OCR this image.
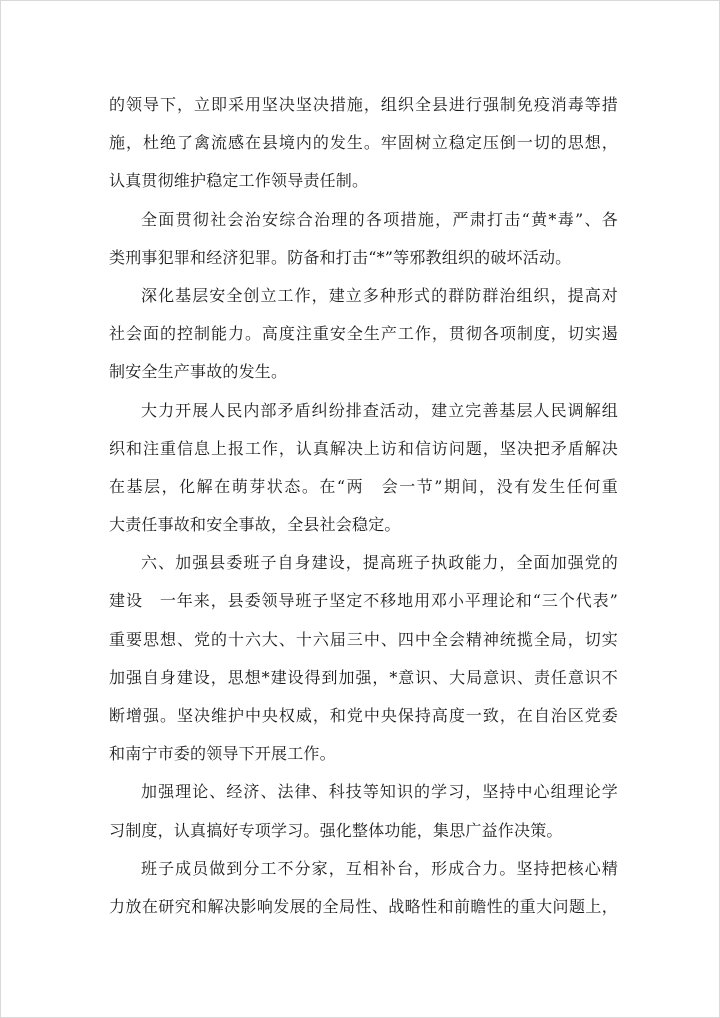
的领导下，立即采用坚决坚决措施，组织全县进行强制免疫消毒等措
施，杜绝了禽流感在县境内的发生。牢固树立稳定压倒一切的思想，
认真贯彻维护稳定工作领导责任制。
全面贯彻社会治安综合治理的各项措施，严肃打击“黄*毒”、各
类刑事犯罪和经济犯罪。防备和打击“*”等邪教组织的破坏活动。
深化基层安全创立工作，建立多种形式的群防群治组织，提高对
社会面的控制能力。高度注重安全生产工作，贯彻各项制度，切实遏
制安全生产事故的发生。
大力开展人民内部矛盾纠纷排查活动，建立完善基层人民调解组
织和注重信息上报工作，认真解决上访和信访问题，坚决把矛盾解决
在基层，化解在萌芽状态。在“两　会一节”期间，没有发生任何重
大责任事故和安全事故，全县社会稳定。
六、加强县委班子自身建设，提高班子执政能力，全面加强党的
建设　一年来，县委领导班子坚定不移地用邓小平理论和“三个代表”
重要思想、党的十六大、十六届三中、四中全会精神统揽全局，切实
加强自身建设，思想*建设得到加强，*意识、大局意识、责任意识不
断增强。坚决维护中央权威，和党中央保持高度一致，在自治区党委
和南宁市委的领导下开展工作。
加强理论、经济、法律、科技等知识的学习，坚持中心组理论学
习制度，认真搞好专项学习。强化整体功能，集思广益作决策。
班子成员做到分工不分家，互相补台，形成合力。坚持把核心精
力放在研究和解决影响发展的全局性、战略性和前瞻性的重大问题上，
